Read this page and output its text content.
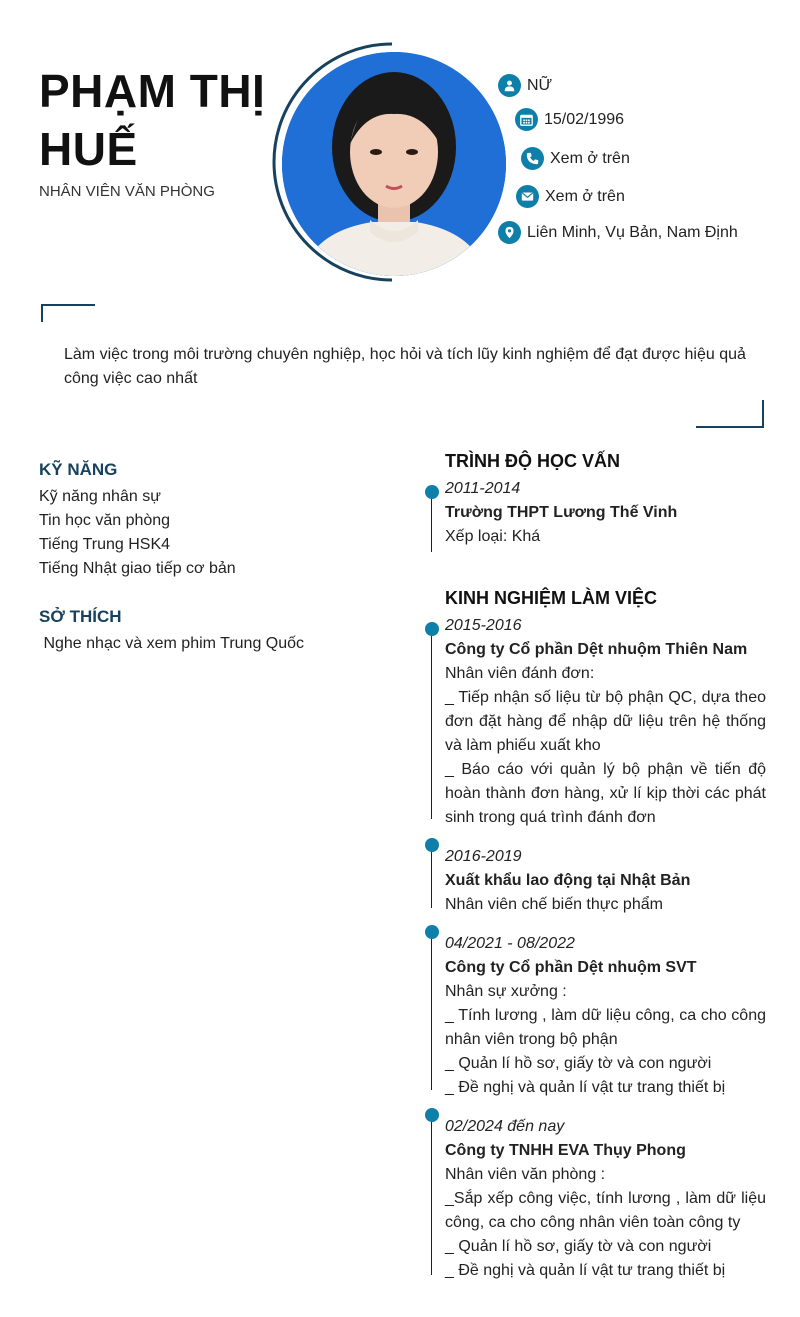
PHẠM THỊ
HUẾ
NHÂN VIÊN VĂN PHÒNG
NỮ
15/02/1996
Xem ở trên
Xem ở trên
Liên Minh, Vụ Bản, Nam Định
Làm việc trong môi trường chuyên nghiệp, học hỏi và tích lũy kinh nghiệm để đạt được hiệu quả công việc cao nhất
KỸ NĂNG
Kỹ năng nhân sự
Tin học văn phòng
Tiếng Trung HSK4
Tiếng Nhật giao tiếp cơ bản
SỞ THÍCH
Nghe nhạc và xem phim Trung Quốc
TRÌNH ĐỘ HỌC VẤN
2011-2014
Trường THPT Lương Thế Vinh
Xếp loại: Khá
KINH NGHIỆM LÀM VIỆC
2015-2016
Công ty Cổ phần Dệt nhuộm Thiên Nam
Nhân viên đánh đơn:
_ Tiếp nhận số liệu từ bộ phận QC, dựa theo đơn đặt hàng để nhập dữ liệu trên hệ thống và làm phiếu xuất kho
_ Báo cáo với quản lý bộ phận về tiến độ hoàn thành đơn hàng, xử lí kịp thời các phát sinh trong quá trình đánh đơn
2016-2019
Xuất khẩu lao động tại Nhật Bản
Nhân viên chế biến thực phẩm
04/2021 - 08/2022
Công ty Cổ phần Dệt nhuộm SVT
Nhân sự xưởng :
_ Tính lương , làm dữ liệu công, ca cho công nhân viên trong bộ phận
_ Quản lí hồ sơ, giấy tờ và con người
_ Đề nghị và quản lí vật tư trang thiết bị
02/2024 đến nay
Công ty TNHH EVA Thụy Phong
Nhân viên văn phòng :
_Sắp xếp công việc, tính lương , làm dữ liệu công, ca cho công nhân viên toàn công ty
_ Quản lí hồ sơ, giấy tờ và con người
_ Đề nghị và quản lí vật tư trang thiết bị
